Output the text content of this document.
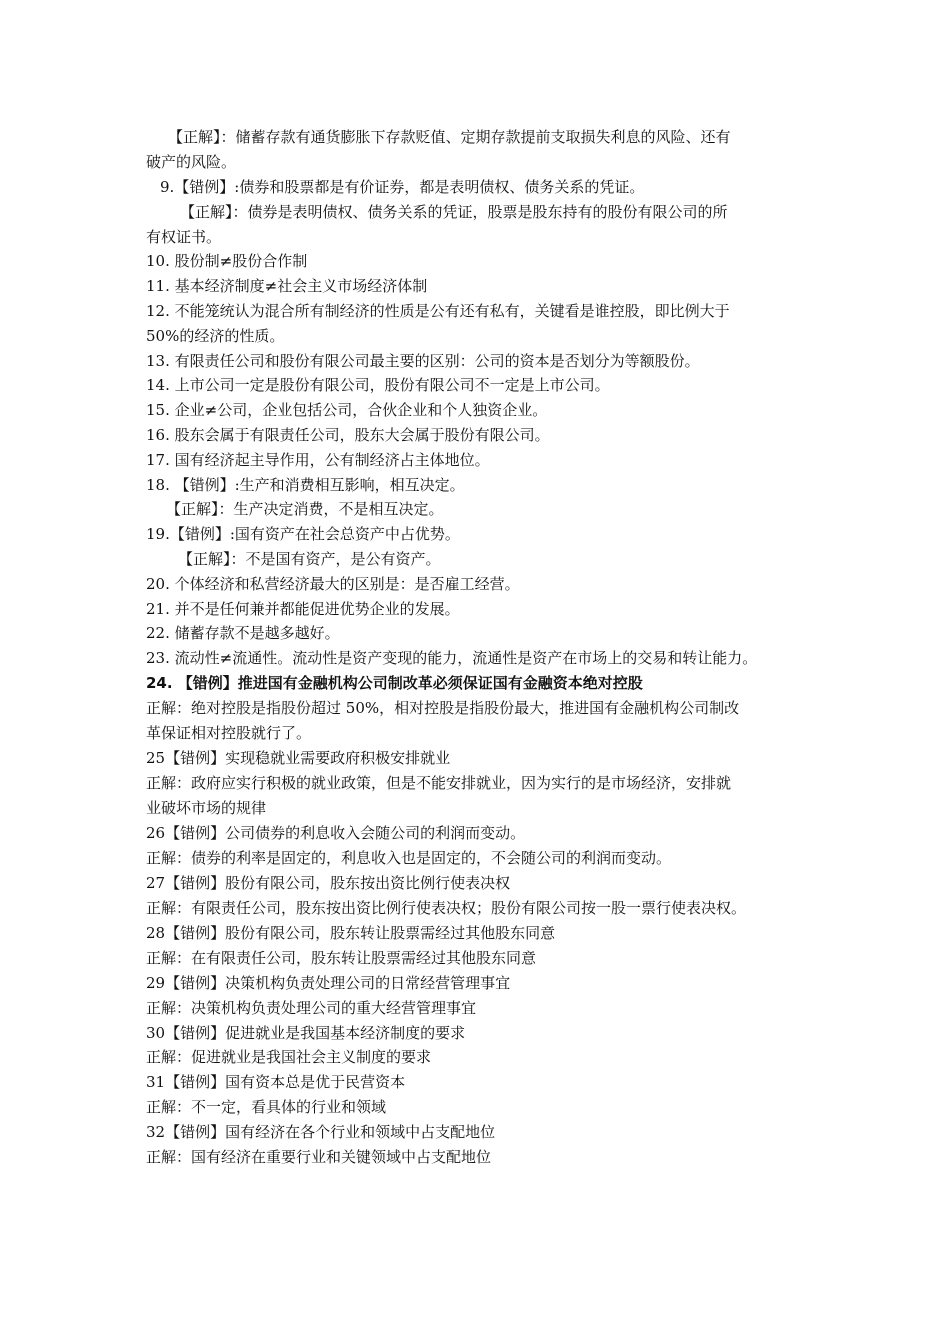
【正解】：储蓄存款有通货膨胀下存款贬值、定期存款提前支取损失利息的风险、还有
破产的风险。
9.【错例】:债券和股票都是有价证券，都是表明债权、债务关系的凭证。
【正解】：债券是表明债权、债务关系的凭证，股票是股东持有的股份有限公司的所
有权证书。
10. 股份制≠股份合作制
11. 基本经济制度≠社会主义市场经济体制
12. 不能笼统认为混合所有制经济的性质是公有还有私有，关键看是谁控股，即比例大于
50%的经济的性质。
13. 有限责任公司和股份有限公司最主要的区别：公司的资本是否划分为等额股份。
14. 上市公司一定是股份有限公司，股份有限公司不一定是上市公司。
15. 企业≠公司，企业包括公司，合伙企业和个人独资企业。
16. 股东会属于有限责任公司，股东大会属于股份有限公司。
17. 国有经济起主导作用，公有制经济占主体地位。
18. 【错例】:生产和消费相互影响，相互决定。
【正解】：生产决定消费，不是相互决定。
19.【错例】:国有资产在社会总资产中占优势。
【正解】：不是国有资产，是公有资产。
20. 个体经济和私营经济最大的区别是：是否雇工经营。
21. 并不是任何兼并都能促进优势企业的发展。
22. 储蓄存款不是越多越好。
23. 流动性≠流通性。流动性是资产变现的能力，流通性是资产在市场上的交易和转让能力。
24. 【错例】推进国有金融机构公司制改革必须保证国有金融资本绝对控股
正解：绝对控股是指股份超过 50%，相对控股是指股份最大，推进国有金融机构公司制改
革保证相对控股就行了。
25【错例】实现稳就业需要政府积极安排就业
正解：政府应实行积极的就业政策，但是不能安排就业，因为实行的是市场经济，安排就
业破坏市场的规律
26【错例】公司债券的利息收入会随公司的利润而变动。
正解：债券的利率是固定的，利息收入也是固定的，不会随公司的利润而变动。
27【错例】股份有限公司，股东按出资比例行使表决权
正解：有限责任公司，股东按出资比例行使表决权；股份有限公司按一股一票行使表决权。
28【错例】股份有限公司，股东转让股票需经过其他股东同意
正解：在有限责任公司，股东转让股票需经过其他股东同意
29【错例】决策机构负责处理公司的日常经营管理事宜
正解：决策机构负责处理公司的重大经营管理事宜
30【错例】促进就业是我国基本经济制度的要求
正解：促进就业是我国社会主义制度的要求
31【错例】国有资本总是优于民营资本
正解：不一定，看具体的行业和领域
32【错例】国有经济在各个行业和领域中占支配地位
正解：国有经济在重要行业和关键领域中占支配地位
